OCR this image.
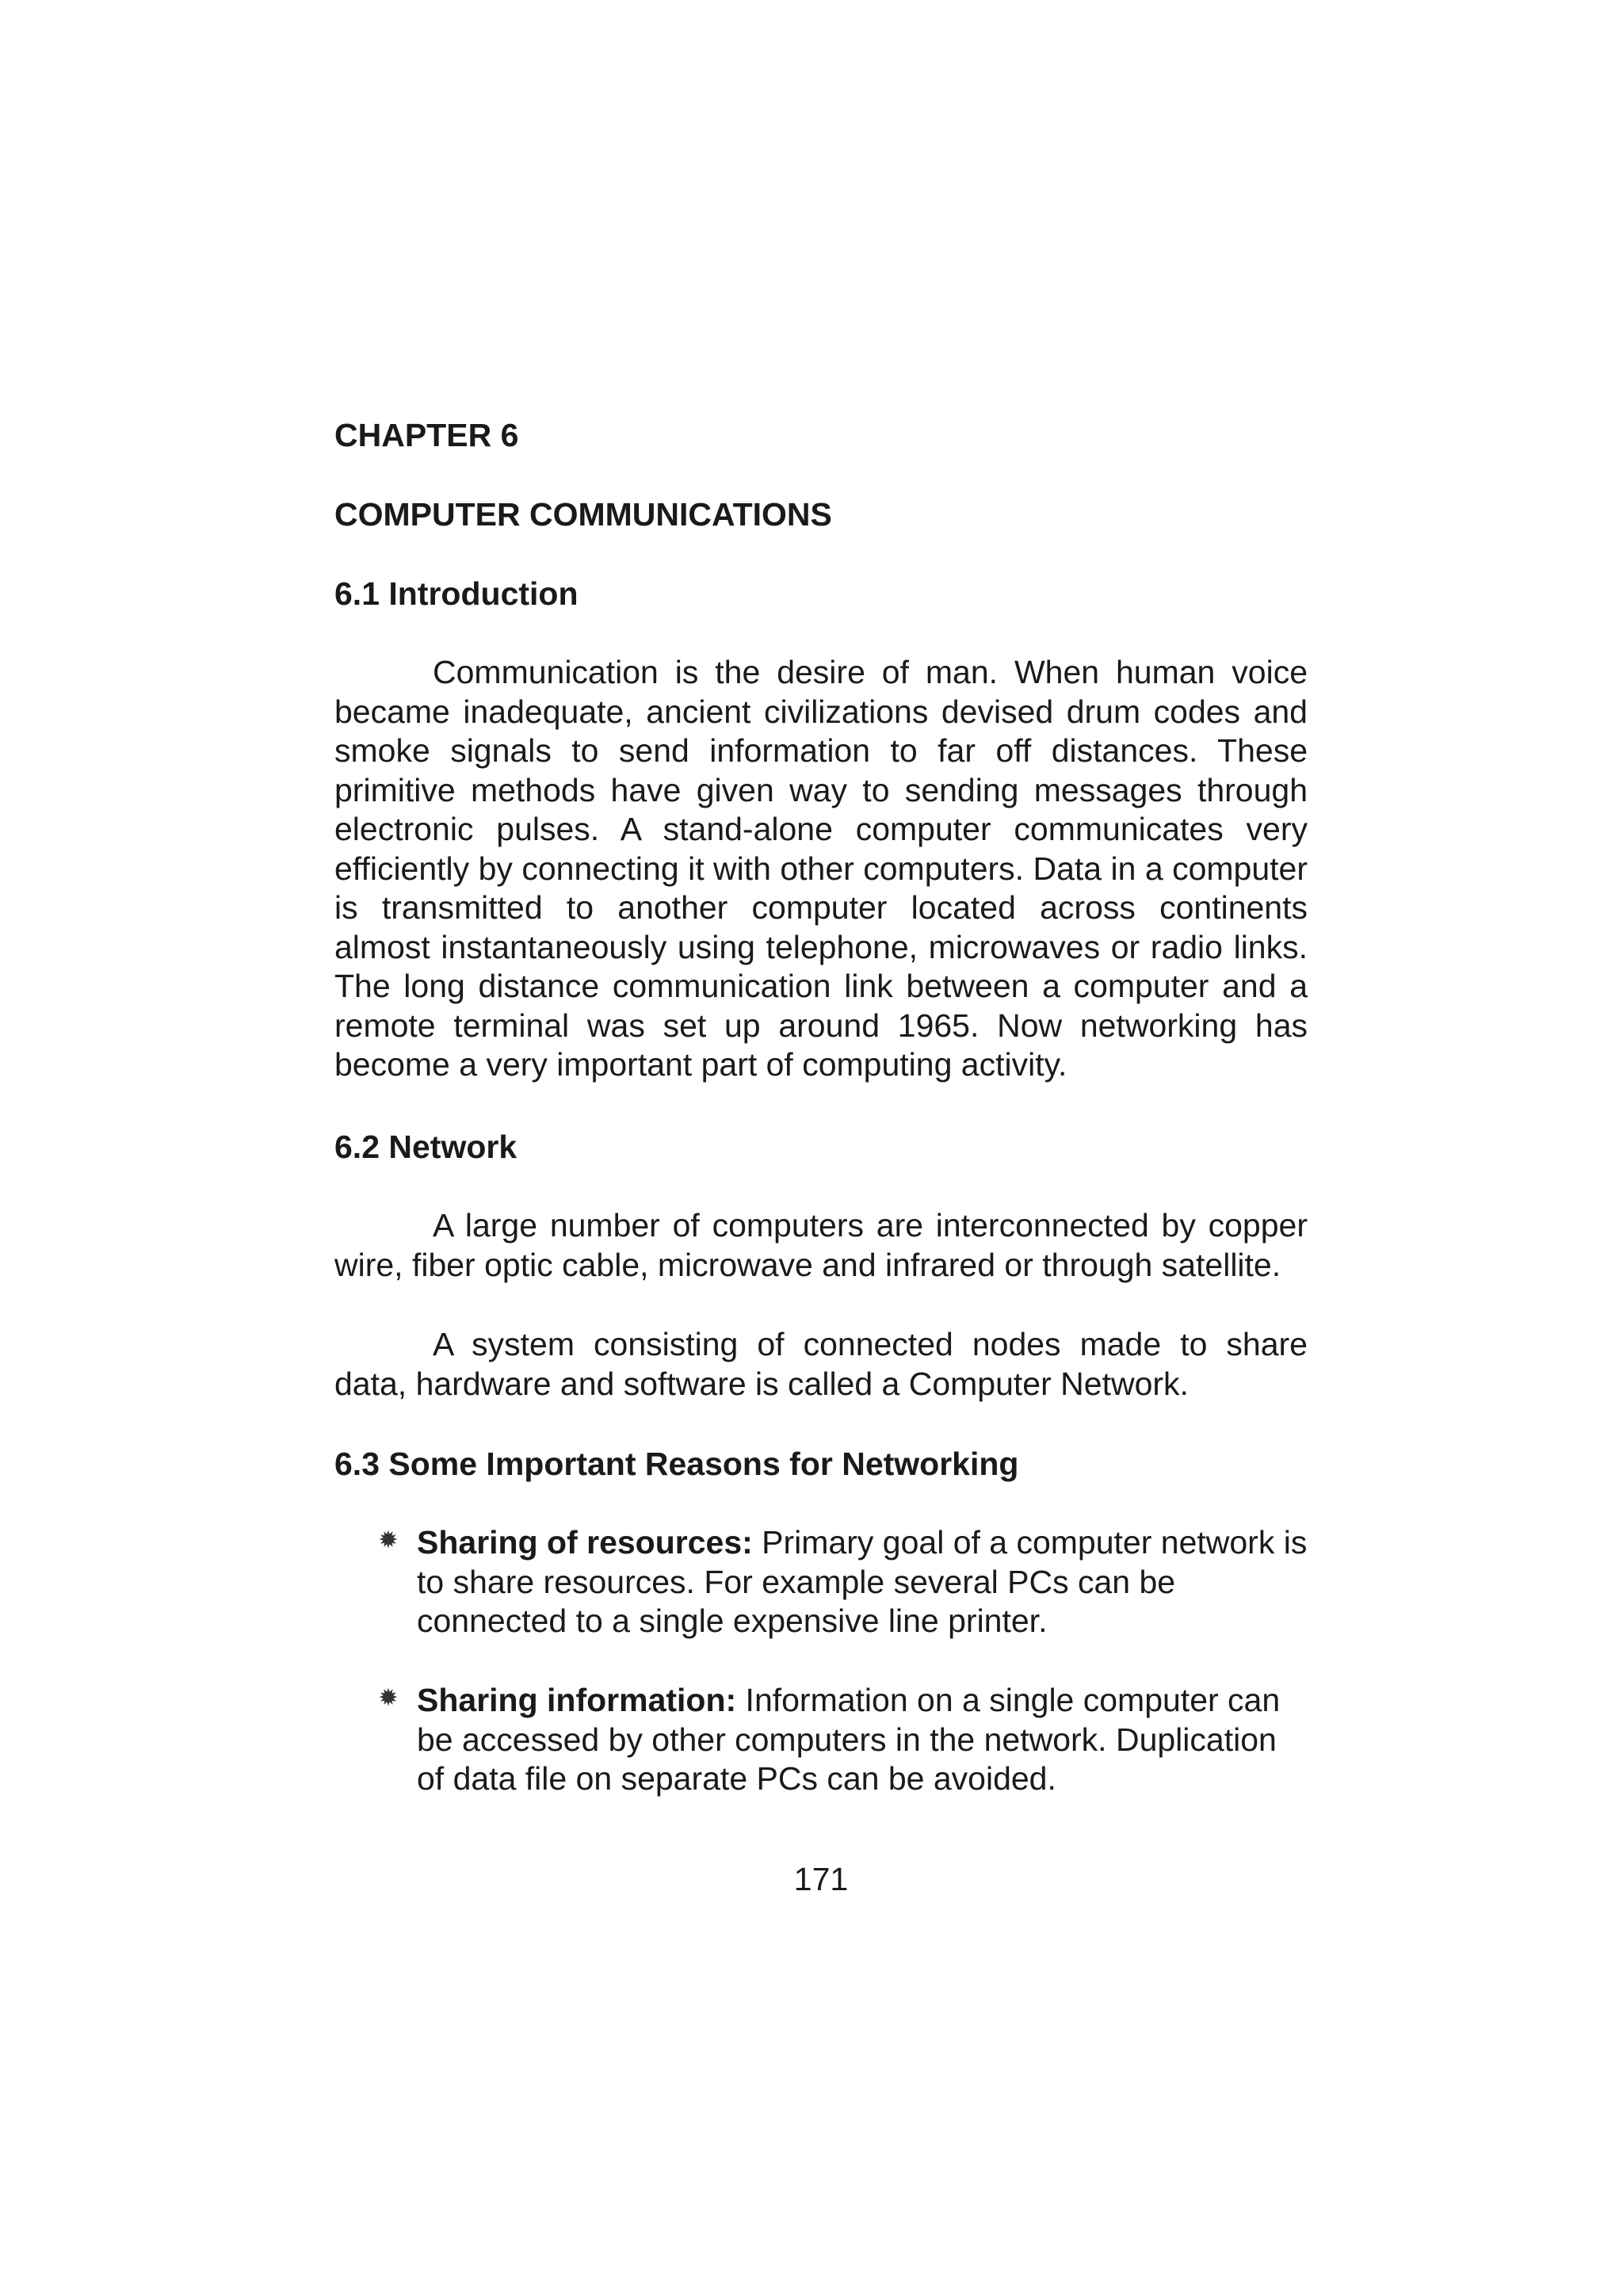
CHAPTER 6
COMPUTER COMMUNICATIONS
6.1 Introduction

Communication is the desire of man. When human voice became inadequate, ancient civilizations devised drum codes and smoke signals to send information to far off distances. These primitive methods have given way to sending messages through electronic pulses. A stand-alone computer communicates very efficiently by connecting it with other computers. Data in a computer is transmitted to another computer located across continents almost instantaneously using telephone, microwaves or radio links. The long distance communication link between a computer and a remote terminal was set up around 1965. Now networking has become a very important part of computing activity.

6.2 Network

A large number of computers are interconnected by copper wire, fiber optic cable, microwave and infrared or through satellite.

A system consisting of connected nodes made to share data, hardware and software is called a Computer Network.

6.3 Some Important Reasons for Networking
✹ Sharing of resources: Primary goal of a computer network is to share resources. For example several PCs can be connected to a single expensive line printer.
✹ Sharing information: Information on a single computer can be accessed by other computers in the network. Duplication of data file on separate PCs can be avoided.
171
